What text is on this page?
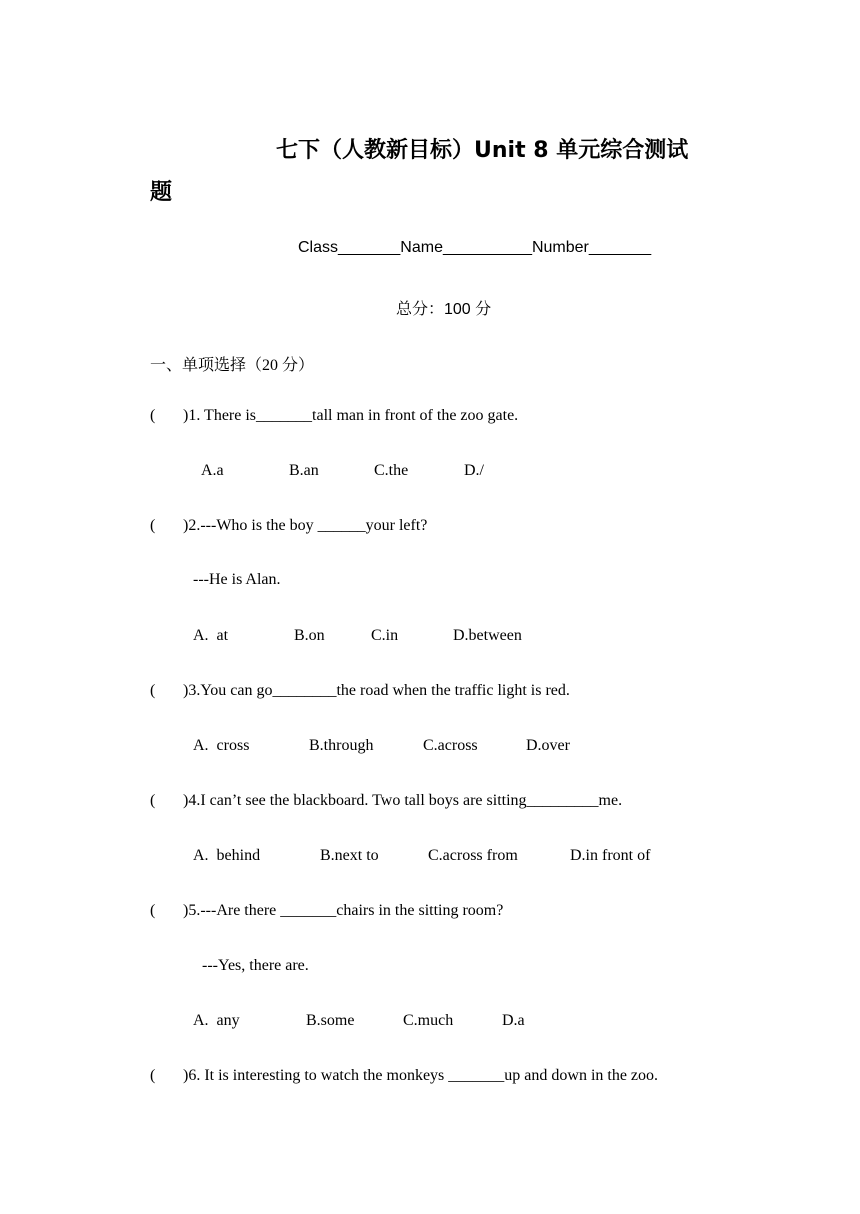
七下（人教新目标）Unit 8 单元综合测试
题
Class_______Name__________Number_______
总分：100 分
一、单项选择（20 分）
( )1. There is_______tall man in front of the zoo gate.
A.a	B.an	C.the	D./
( )2.---Who is the boy ______your left?
---He is Alan.
A.  at	B.on	C.in	D.between
( )3.You can go________the road when the traffic light is red.
A.  cross	B.through	C.across	D.over
( )4.I can’t see the blackboard. Two tall boys are sitting_________me.
A.  behind	B.next to	C.across from	D.in front of
( )5.---Are there _______chairs in the sitting room?
---Yes, there are.
A.  any	B.some	C.much	D.a
( )6. It is interesting to watch the monkeys _______up and down in the zoo.
